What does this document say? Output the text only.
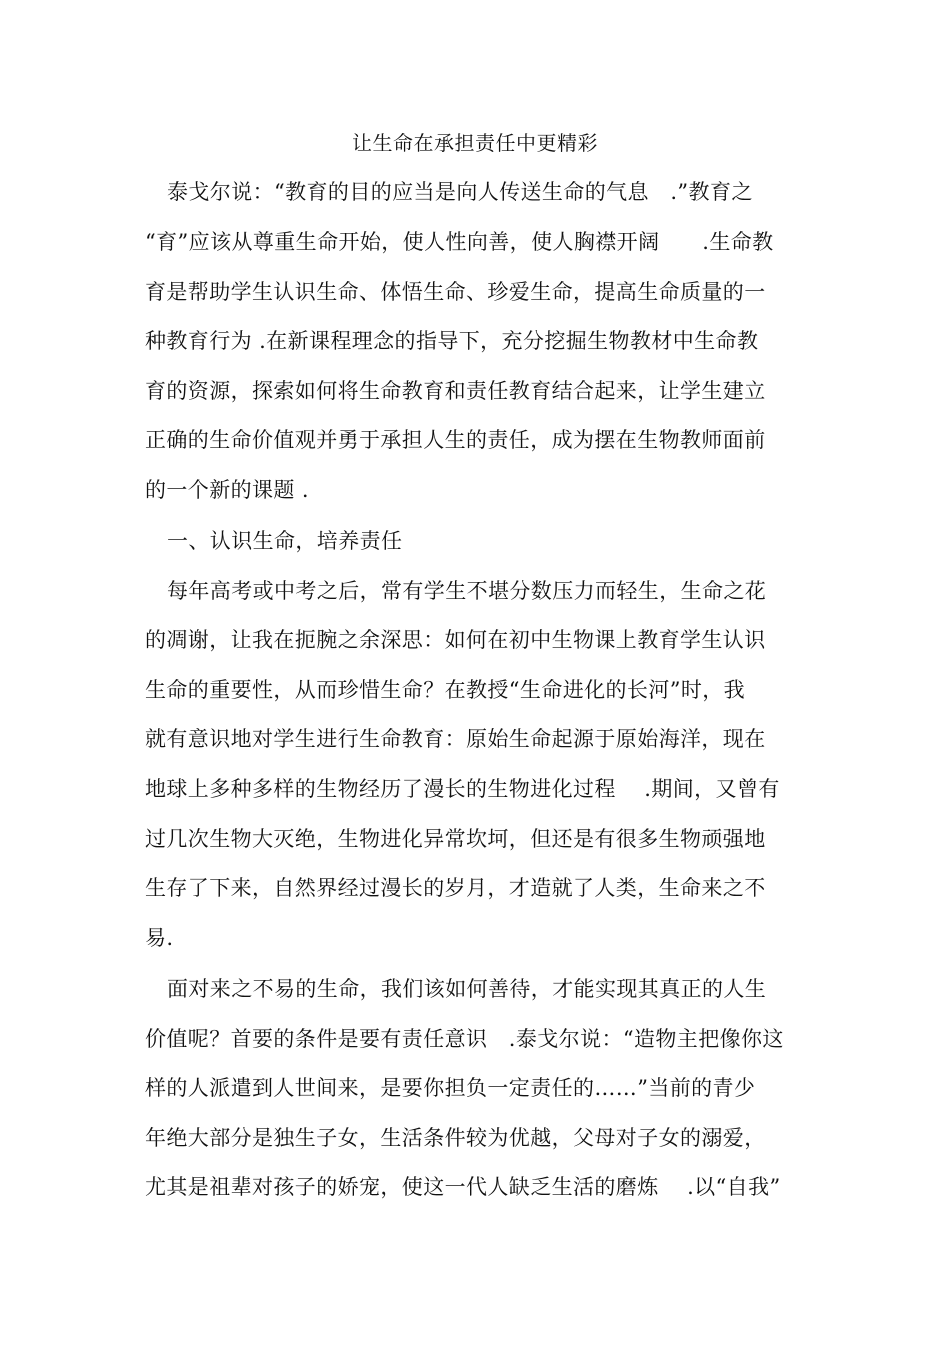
让生命在承担责任中更精彩
泰戈尔说：“教育的目的应当是向人传送生命的气息　.”教育之
“育”应该从尊重生命开始，使人性向善，使人胸襟开阔　　.生命教
育是帮助学生认识生命、体悟生命、珍爱生命，提高生命质量的一
种教育行为 .在新课程理念的指导下，充分挖掘生物教材中生命教
育的资源，探索如何将生命教育和责任教育结合起来，让学生建立
正确的生命价值观并勇于承担人生的责任，成为摆在生物教师面前
的一个新的课题 .
一、认识生命，培养责任
每年高考或中考之后，常有学生不堪分数压力而轻生，生命之花
的凋谢，让我在扼腕之余深思：如何在初中生物课上教育学生认识
生命的重要性，从而珍惜生命？在教授“生命进化的长河”时，我
就有意识地对学生进行生命教育：原始生命起源于原始海洋，现在
地球上多种多样的生物经历了漫长的生物进化过程　 .期间，又曾有
过几次生物大灭绝，生物进化异常坎坷，但还是有很多生物顽强地
生存了下来，自然界经过漫长的岁月，才造就了人类，生命来之不
易.
面对来之不易的生命，我们该如何善待，才能实现其真正的人生
价值呢？首要的条件是要有责任意识　.泰戈尔说：“造物主把像你这
样的人派遣到人世间来，是要你担负一定责任的……”当前的青少
年绝大部分是独生子女，生活条件较为优越，父母对子女的溺爱，
尤其是祖辈对孩子的娇宠，使这一代人缺乏生活的磨炼　 .以“自我”
